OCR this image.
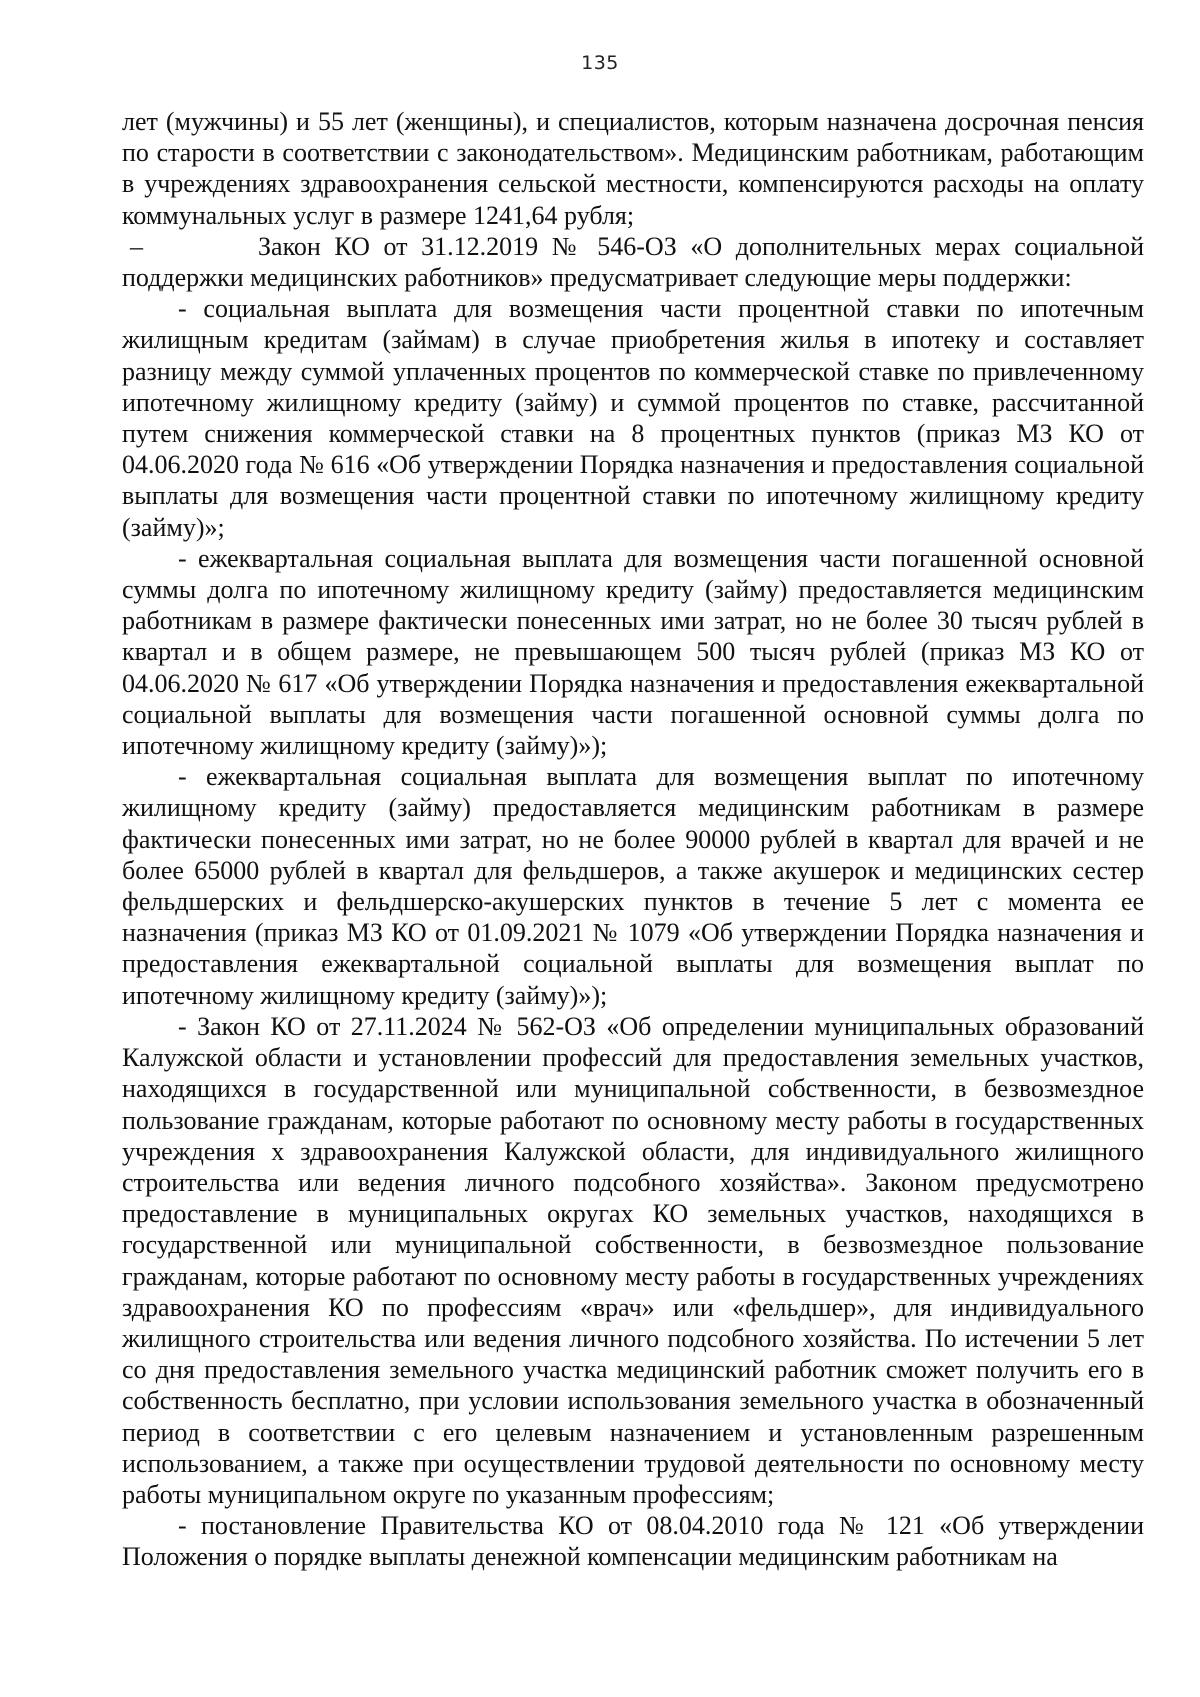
135

лет (мужчины) и 55 лет (женщины), и специалистов, которым назначена досрочная пенсия по старости в соответствии с законодательством». Медицинским работникам, работающим в учреждениях здравоохранения сельской местности, компенсируются расходы на оплату коммунальных услуг в размере 1241,64 рубля;

–	Закон КО от 31.12.2019 № 546-ОЗ «О дополнительных мерах социальной поддержки медицинских работников» предусматривает следующие меры поддержки:

- социальная выплата для возмещения части процентной ставки по ипотечным жилищным кредитам (займам) в случае приобретения жилья в ипотеку и составляет разницу между суммой уплаченных процентов по коммерческой ставке по привлеченному ипотечному жилищному кредиту (займу) и суммой процентов по ставке, рассчитанной путем снижения коммерческой ставки на 8 процентных пунктов (приказ МЗ КО от 04.06.2020 года № 616 «Об утверждении Порядка назначения и предоставления социальной выплаты для возмещения части процентной ставки по ипотечному жилищному кредиту (займу)»;

- ежеквартальная социальная выплата для возмещения части погашенной основной суммы долга по ипотечному жилищному кредиту (займу) предоставляется медицинским работникам в размере фактически понесенных ими затрат, но не более 30 тысяч рублей в квартал и в общем размере, не превышающем 500 тысяч рублей (приказ МЗ КО от 04.06.2020 № 617 «Об утверждении Порядка назначения и предоставления ежеквартальной социальной выплаты для возмещения части погашенной основной суммы долга по ипотечному жилищному кредиту (займу)»);

- ежеквартальная социальная выплата для возмещения выплат по ипотечному жилищному кредиту (займу) предоставляется медицинским работникам в размере фактически понесенных ими затрат, но не более 90000 рублей в квартал для врачей и не более 65000 рублей в квартал для фельдшеров, а также акушерок и медицинских сестер фельдшерских и фельдшерско-акушерских пунктов в течение 5 лет с момента ее назначения (приказ МЗ КО от 01.09.2021 № 1079 «Об утверждении Порядка назначения и предоставления ежеквартальной социальной выплаты для возмещения выплат по ипотечному жилищному кредиту (займу)»);

- Закон КО от 27.11.2024 № 562-ОЗ «Об определении муниципальных образований Калужской области и установлении профессий для предоставления земельных участков, находящихся в государственной или муниципальной собственности, в безвозмездное пользование гражданам, которые работают по основному месту работы в государственных учреждения х здравоохранения Калужской области, для индивидуального жилищного строительства или ведения личного подсобного хозяйства». Законом предусмотрено предоставление в муниципальных округах КО земельных участков, находящихся в государственной или муниципальной собственности, в безвозмездное пользование гражданам, которые работают по основному месту работы в государственных учреждениях здравоохранения КО по профессиям «врач» или «фельдшер», для индивидуального жилищного строительства или ведения личного подсобного хозяйства. По истечении 5 лет со дня предоставления земельного участка медицинский работник сможет получить его в собственность бесплатно, при условии использования земельного участка в обозначенный период в соответствии с его целевым назначением и установленным разрешенным использованием, а также при осуществлении трудовой деятельности по основному месту работы муниципальном округе по указанным профессиям;

- постановление Правительства КО от 08.04.2010 года № 121 «Об утверждении Положения о порядке выплаты денежной компенсации медицинским работникам на
